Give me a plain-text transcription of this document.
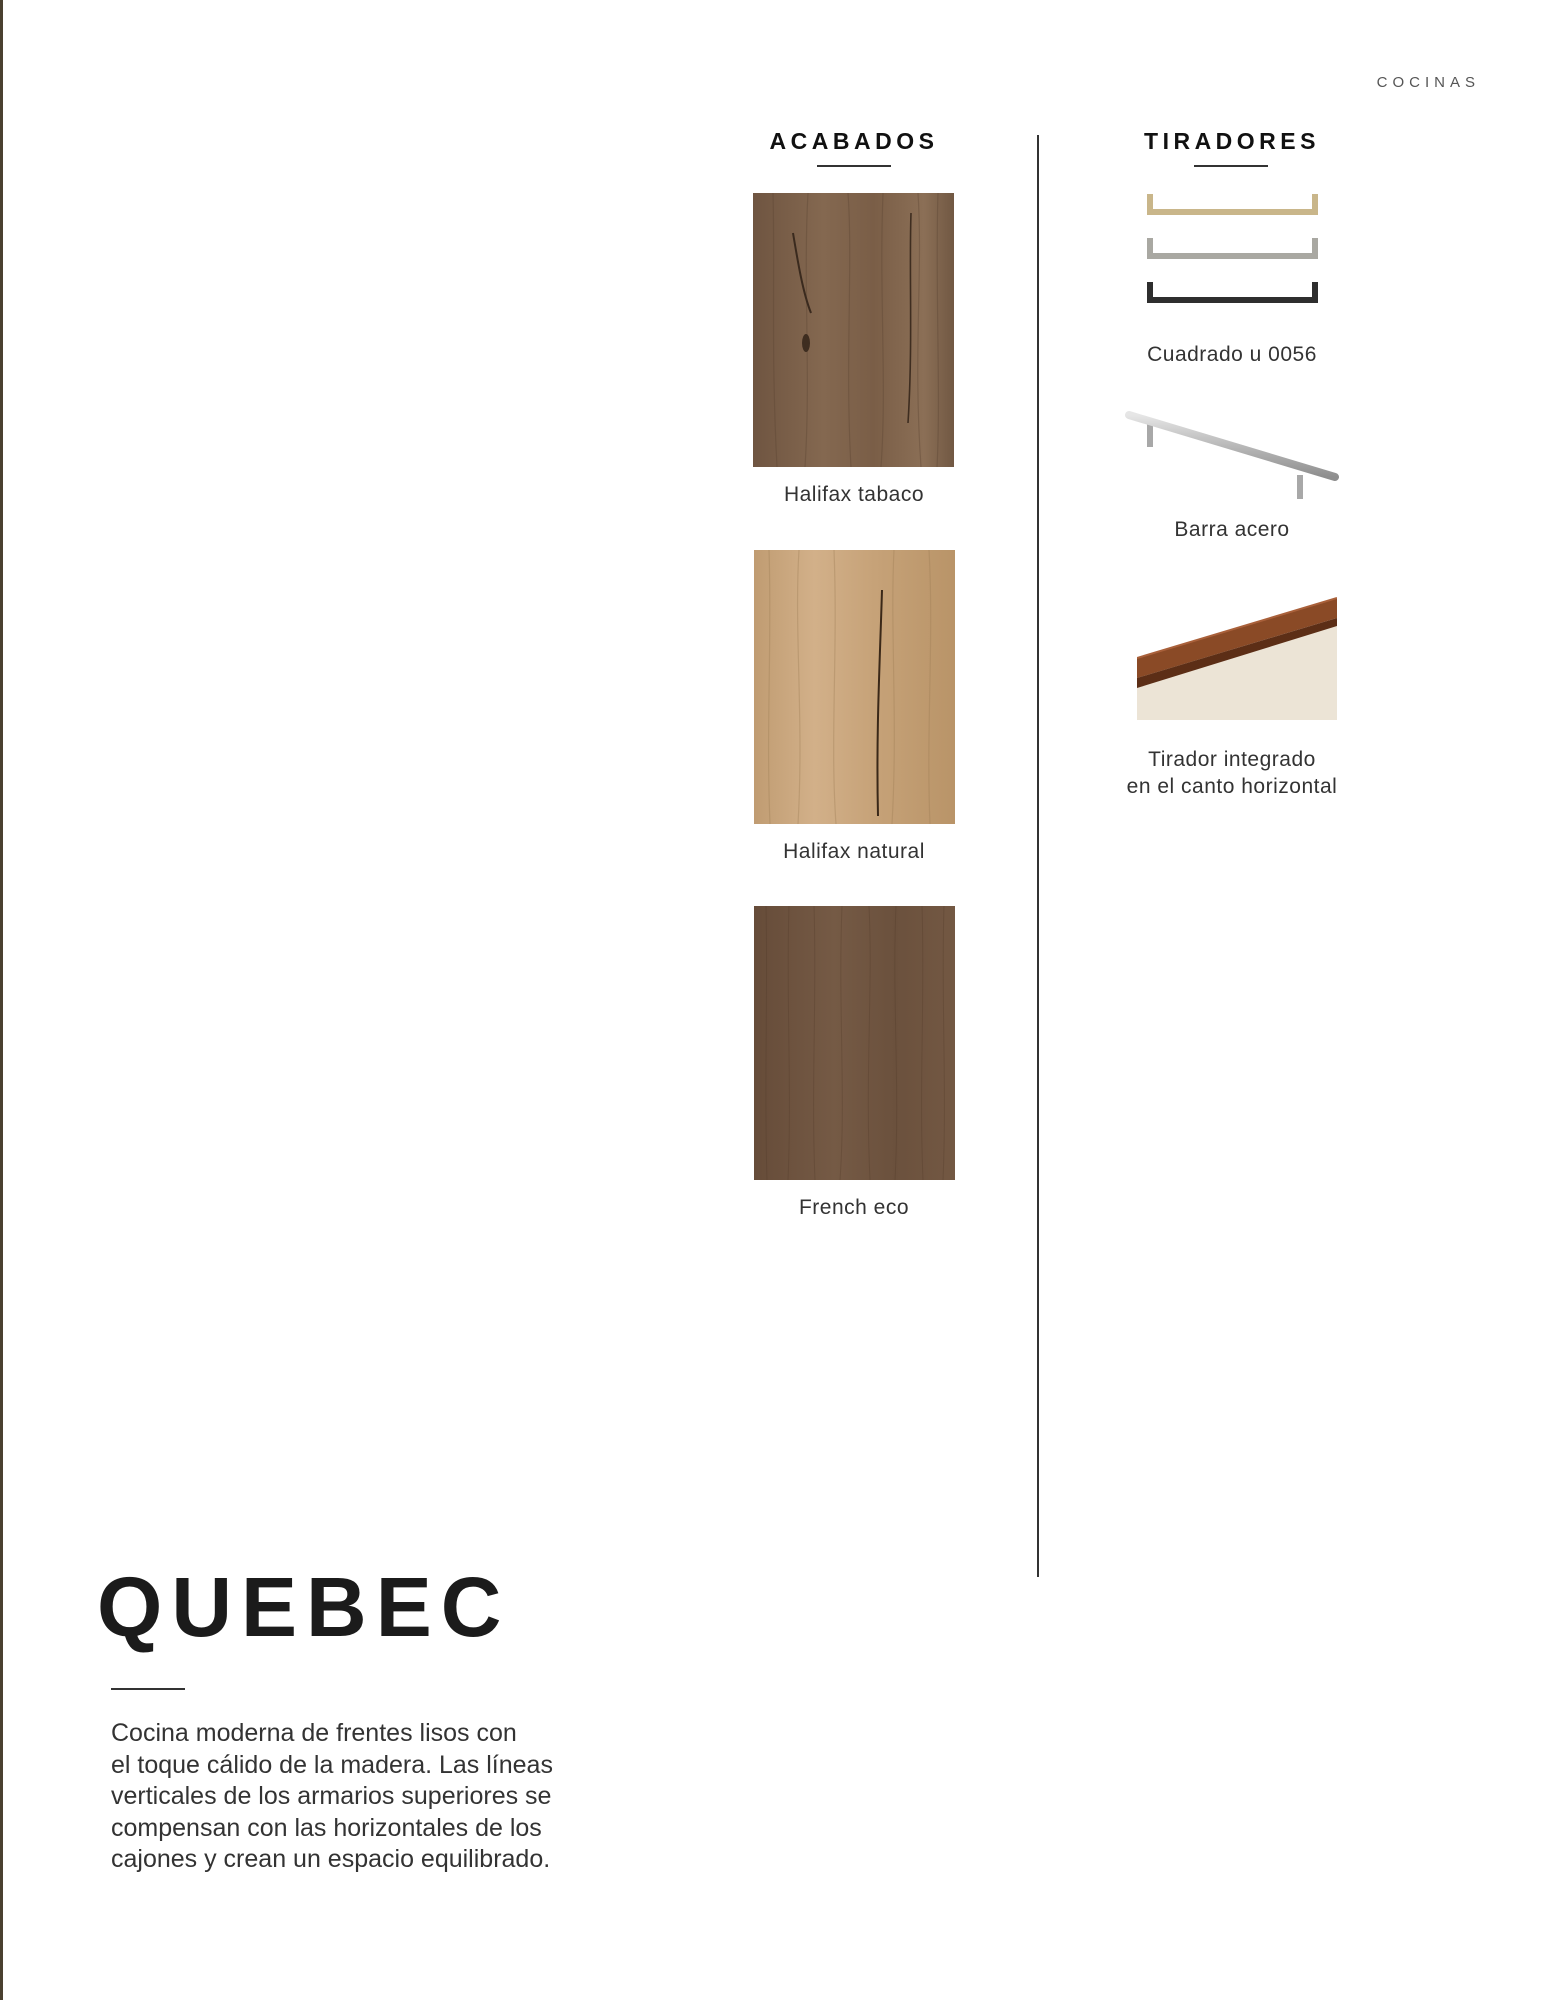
COCINAS
ACABADOS
Halifax tabaco
Halifax natural
French eco
TIRADORES
Cuadrado u 0056
Barra acero
Tirador integrado
en el canto horizontal
QUEBEC

Cocina moderna de frentes lisos con
el toque cálido de la madera. Las líneas
verticales de los armarios superiores se
compensan con las horizontales de los
cajones y crean un espacio equilibrado.
